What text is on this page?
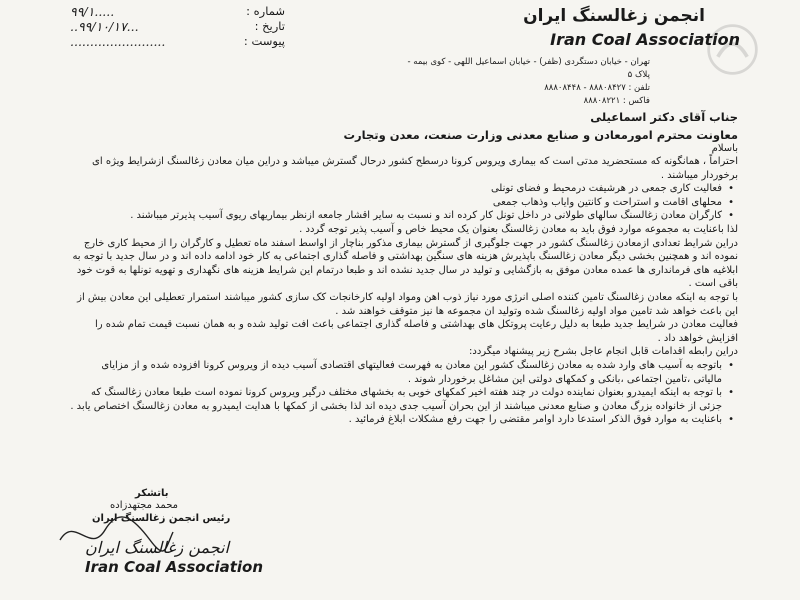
شماره :
۹۹/۱.....
تاریخ :
..۹۹/۱۰/۱۷...
پیوست :
........................
انجمن زغالسنگ ایران
Iran Coal Association
تهران - خیابان دستگردی (ظفر) - خیابان اسماعیل اللهی - کوی بیمه - پلاک ۵
تلفن : ۸۸۸۰۸۴۲۷ - ۸۸۸۰۸۴۴۸
فاکس : ۸۸۸۰۸۲۲۱
جناب آقای دکتر اسماعیلی
معاونت محترم امورمعادن و صنایع معدنی وزارت صنعت، معدن وتجارت
باسلام

احتراماً ، همانگونه که مستحضرید مدتی است که بیماری ویروس کرونا درسطح کشور درحال گسترش میباشد و دراین میان معادن زغالسنگ ازشرایط ویژه ای برخوردار میباشند .

• فعالیت کاری جمعی در هرشیفت درمحیط و فضای تونلی

• محلهای اقامت و استراحت و کانتین وایاب وذهاب جمعی

• کارگران معادن زغالسنگ سالهای طولانی در داخل تونل کار کرده اند و نسبت به سایر اقشار جامعه ازنظر بیماریهای ریوی آسیب پذیرتر میباشند .

لذا باعنایت به مجموعه موارد فوق باید به معادن زغالسنگ بعنوان یک محیط خاص و آسیب پذیر توجه گردد .

دراین شرایط تعدادی ازمعادن زغالسنگ کشور در جهت جلوگیری از گسترش بیماری مذکور بناچار از اواسط اسفند ماه تعطیل و کارگران را از محیط کاری خارج نموده اند و همچنین بخشی دیگر معادن زغالسنگ باپذیرش هزینه های سنگین بهداشتی و فاصله گذاری اجتماعی به کار خود ادامه داده اند و در سال جدید با توجه به ابلاغیه های فرمانداری ها عمده معادن موفق به بازگشایی و تولید در سال جدید نشده اند و طبعا درتمام این شرایط هزینه های نگهداری و تهویه تونلها به قوت خود باقی است .

با توجه به اینکه معادن زغالسنگ تامین کننده اصلی انرژی مورد نیاز ذوب اهن ومواد اولیه کارخانجات کک سازی کشور میباشند استمرار تعطیلی این معادن بیش از این باعث خواهد شد تامین مواد اولیه زغالسنگ شده وتولید ان مجموعه ها نیز متوقف خواهند شد .

فعالیت معادن در شرایط جدید طبعا به دلیل رعایت پروتکل های بهداشتی و فاصله گذاری اجتماعی باعث افت تولید شده و به همان نسبت قیمت تمام شده را افزایش خواهد داد .

دراین رابطه اقدامات قابل انجام عاجل بشرح زیر پیشنهاد میگردد:

• باتوجه به آسیب های وارد شده به معادن زغالسنگ کشور این معادن به فهرست فعالیتهای اقتصادی آسیب دیده از ویروس کرونا افزوده شده و از مزایای مالیاتی ،تامین اجتماعی ،بانکی و کمکهای دولتی این مشاغل برخوردار شوند .

• با توجه به اینکه ایمیدرو بعنوان نماینده دولت در چند هفته اخیر کمکهای خوبی به بخشهای مختلف درگیر ویروس کرونا نموده است طبعا معادن زغالسنگ که جزئی از خانواده بزرگ معادن و صنایع معدنی میباشند از این بحران آسیب جدی دیده اند لذا بخشی از کمکها با هدایت ایمیدرو به معادن زغالسنگ اختصاص یابد .

• باعنایت به موارد فوق الذکر استدعا دارد اوامر مقتضی را جهت رفع مشکلات ابلاغ فرمائید .

باتشکر
محمد مجتهدزاده
رئیس انجمن زغالسنگ ایران
انجمن زغالسنگ ایران
Iran Coal Association
